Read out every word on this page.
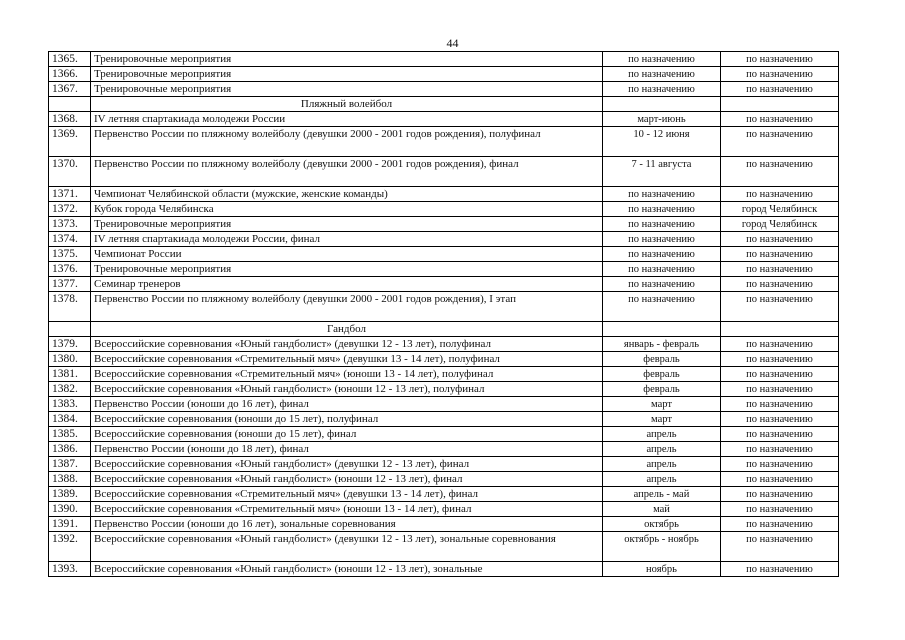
44
1365.	Тренировочные мероприятия	по назначению	по назначению
1366.	Тренировочные мероприятия	по назначению	по назначению
1367.	Тренировочные мероприятия	по назначению	по назначению
	Пляжный волейбол		
1368.	IV летняя спартакиада молодежи России	март-июнь	по назначению
1369.	Первенство России по пляжному волейболу (девушки 2000 - 2001 годов рождения), полуфинал	10 - 12 июня	по назначению
1370.	Первенство России по пляжному волейболу (девушки 2000 - 2001 годов рождения), финал	7 - 11 августа	по назначению
1371.	Чемпионат Челябинской области (мужские, женские команды)	по назначению	по назначению
1372.	Кубок города Челябинска	по назначению	город Челябинск
1373.	Тренировочные мероприятия	по назначению	город Челябинск
1374.	IV летняя спартакиада молодежи России, финал	по назначению	по назначению
1375.	Чемпионат России	по назначению	по назначению
1376.	Тренировочные мероприятия	по назначению	по назначению
1377.	Семинар тренеров	по назначению	по назначению
1378.	Первенство России по пляжному волейболу (девушки 2000 - 2001 годов рождения), I этап	по назначению	по назначению
	Гандбол		
1379.	Всероссийские соревнования «Юный гандболист» (девушки 12 - 13 лет), полуфинал	январь - февраль	по назначению
1380.	Всероссийские соревнования «Стремительный мяч» (девушки 13 - 14 лет), полуфинал	февраль	по назначению
1381.	Всероссийские соревнования «Стремительный мяч» (юноши 13 - 14 лет), полуфинал	февраль	по назначению
1382.	Всероссийские соревнования «Юный гандболист» (юноши 12 - 13 лет), полуфинал	февраль	по назначению
1383.	Первенство России (юноши до 16 лет), финал	март	по назначению
1384.	Всероссийские соревнования (юноши до 15 лет), полуфинал	март	по назначению
1385.	Всероссийские соревнования (юноши до 15 лет), финал	апрель	по назначению
1386.	Первенство России (юноши до 18 лет), финал	апрель	по назначению
1387.	Всероссийские соревнования «Юный гандболист» (девушки 12 - 13 лет), финал	апрель	по назначению
1388.	Всероссийские соревнования «Юный гандболист» (юноши 12 - 13 лет), финал	апрель	по назначению
1389.	Всероссийские соревнования «Стремительный мяч» (девушки 13 - 14 лет), финал	апрель - май	по назначению
1390.	Всероссийские соревнования «Стремительный мяч» (юноши 13 - 14 лет), финал	май	по назначению
1391.	Первенство России (юноши до 16 лет), зональные соревнования	октябрь	по назначению
1392.	Всероссийские соревнования «Юный гандболист» (девушки 12 - 13 лет), зональные соревнования	октябрь - ноябрь	по назначению
1393.	Всероссийские соревнования «Юный гандболист» (юноши 12 - 13 лет), зональные	ноябрь	по назначению
